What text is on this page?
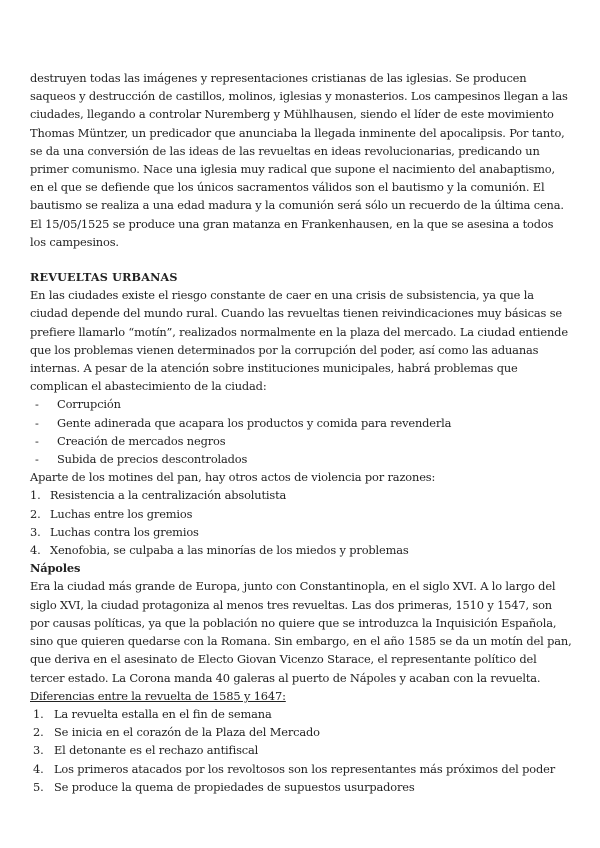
destruyen todas las imágenes y representaciones cristianas de las iglesias. Se producen saqueos y destrucción de castillos, molinos, iglesias y monasterios. Los campesinos llegan a las ciudades, llegando a controlar Nuremberg y Mühlhausen, siendo el líder de este movimiento Thomas Müntzer, un predicador que anunciaba la llegada inminente del apocalipsis. Por tanto, se da una conversión de las ideas de las revueltas en ideas revolucionarias, predicando un primer comunismo. Nace una iglesia muy radical que supone el nacimiento del anabaptismo, en el que se defiende que los únicos sacramentos válidos son el bautismo y la comunión. El bautismo se realiza a una edad madura y la comunión será sólo un recuerdo de la última cena. El 15/05/1525 se produce una gran matanza en Frankenhausen, en la que se asesina a todos los campesinos.

REVUELTAS URBANAS

En las ciudades existe el riesgo constante de caer en una crisis de subsistencia, ya que la ciudad depende del mundo rural. Cuando las revueltas tienen reivindicaciones muy básicas se prefiere llamarlo “motín”, realizados normalmente en la plaza del mercado. La ciudad entiende que los problemas vienen determinados por la corrupción del poder, así como las aduanas internas. A pesar de la atención sobre instituciones municipales, habrá problemas que complican el abastecimiento de la ciudad:

- Corrupción
- Gente adinerada que acapara los productos y comida para revenderla
- Creación de mercados negros
- Subida de precios descontrolados

Aparte de los motines del pan, hay otros actos de violencia por razones:

1. Resistencia a la centralización absolutista
2. Luchas entre los gremios
3. Luchas contra los gremios
4. Xenofobia, se culpaba a las minorías de los miedos y problemas

Nápoles

Era la ciudad más grande de Europa, junto con Constantinopla, en el siglo XVI. A lo largo del siglo XVI, la ciudad protagoniza al menos tres revueltas. Las dos primeras, 1510 y 1547, son por causas políticas, ya que la población no quiere que se introduzca la Inquisición Española, sino que quieren quedarse con la Romana. Sin embargo, en el año 1585 se da un motín del pan, que deriva en el asesinato de Electo Giovan Vicenzo Starace, el representante político del tercer estado. La Corona manda 40 galeras al puerto de Nápoles y acaban con la revuelta.

Diferencias entre la revuelta de 1585 y 1647:

1. La revuelta estalla en el fin de semana
2. Se inicia en el corazón de la Plaza del Mercado
3. El detonante es el rechazo antifiscal
4. Los primeros atacados por los revoltosos son los representantes más próximos del poder
5. Se produce la quema de propiedades de supuestos usurpadores
